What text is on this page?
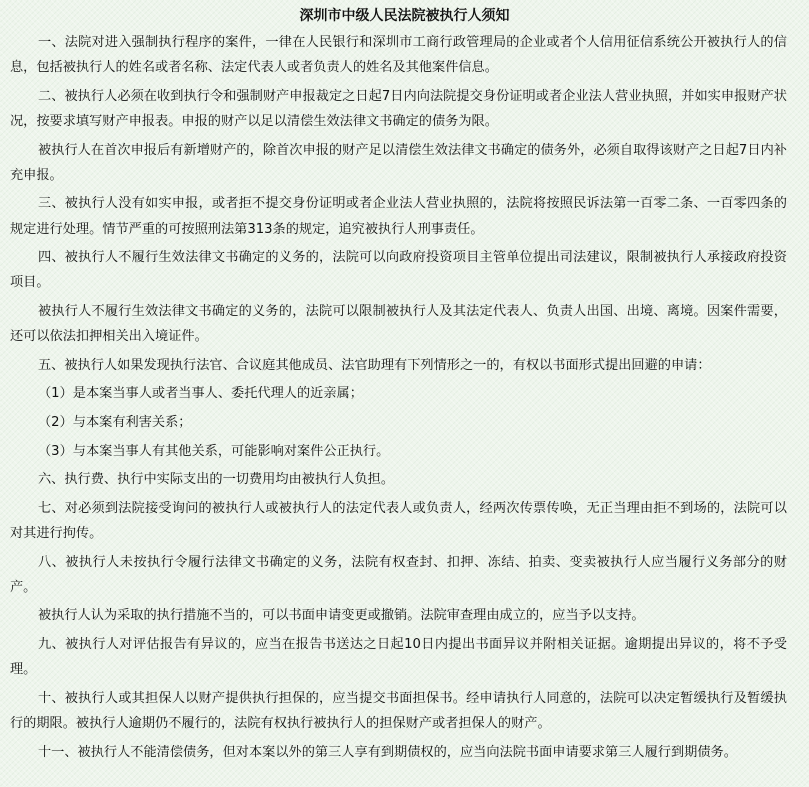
深圳市中级人民法院被执行人须知

一、法院对进入强制执行程序的案件，一律在人民银行和深圳市工商行政管理局的企业或者个人信用征信系统公开被执行人的信息，包括被执行人的姓名或者名称、法定代表人或者负责人的姓名及其他案件信息。

二、被执行人必须在收到执行令和强制财产申报裁定之日起7日内向法院提交身份证明或者企业法人营业执照，并如实申报财产状况，按要求填写财产申报表。申报的财产以足以清偿生效法律文书确定的债务为限。

被执行人在首次申报后有新增财产的，除首次申报的财产足以清偿生效法律文书确定的债务外，必须自取得该财产之日起7日内补充申报。

三、被执行人没有如实申报，或者拒不提交身份证明或者企业法人营业执照的，法院将按照民诉法第一百零二条、一百零四条的规定进行处理。情节严重的可按照刑法第313条的规定，追究被执行人刑事责任。

四、被执行人不履行生效法律文书确定的义务的，法院可以向政府投资项目主管单位提出司法建议，限制被执行人承接政府投资项目。

被执行人不履行生效法律文书确定的义务的，法院可以限制被执行人及其法定代表人、负责人出国、出境、离境。因案件需要，还可以依法扣押相关出入境证件。

五、被执行人如果发现执行法官、合议庭其他成员、法官助理有下列情形之一的，有权以书面形式提出回避的申请：

（1）是本案当事人或者当事人、委托代理人的近亲属；

（2）与本案有利害关系；

（3）与本案当事人有其他关系，可能影响对案件公正执行。

六、执行费、执行中实际支出的一切费用均由被执行人负担。

七、对必须到法院接受询问的被执行人或被执行人的法定代表人或负责人，经两次传票传唤，无正当理由拒不到场的，法院可以对其进行拘传。

八、被执行人未按执行令履行法律文书确定的义务，法院有权查封、扣押、冻结、拍卖、变卖被执行人应当履行义务部分的财产。

被执行人认为采取的执行措施不当的，可以书面申请变更或撤销。法院审查理由成立的，应当予以支持。

九、被执行人对评估报告有异议的，应当在报告书送达之日起10日内提出书面异议并附相关证据。逾期提出异议的，将不予受理。

十、被执行人或其担保人以财产提供执行担保的，应当提交书面担保书。经申请执行人同意的，法院可以决定暂缓执行及暂缓执行的期限。被执行人逾期仍不履行的，法院有权执行被执行人的担保财产或者担保人的财产。

十一、被执行人不能清偿债务，但对本案以外的第三人享有到期债权的，应当向法院书面申请要求第三人履行到期债务。
